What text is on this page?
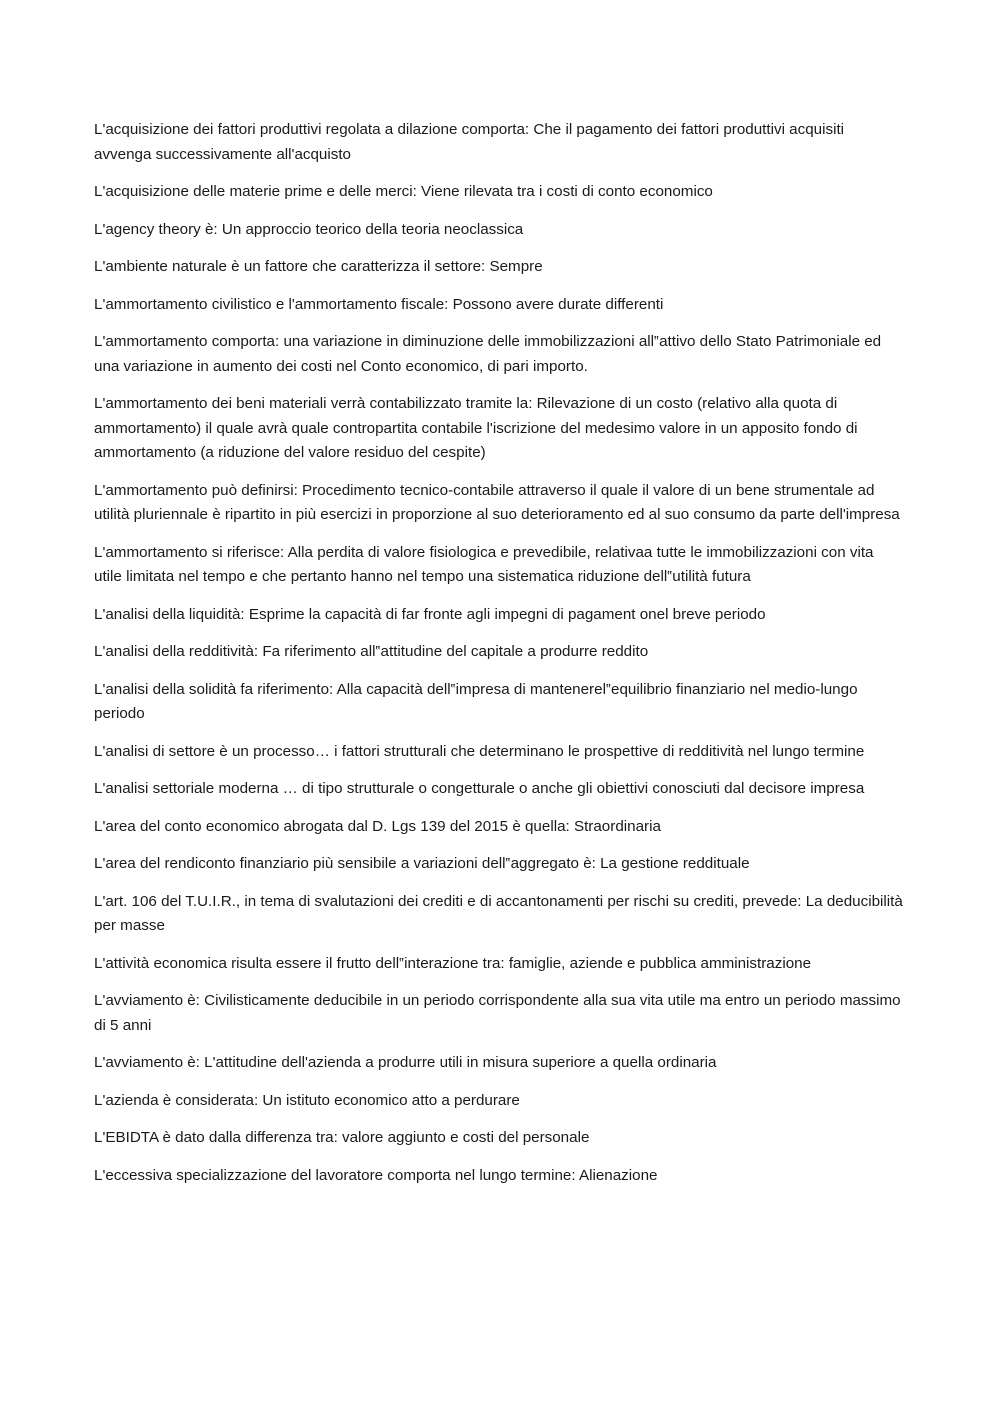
L'acquisizione dei fattori produttivi regolata a dilazione comporta: Che il pagamento dei fattori produttivi acquisiti avvenga successivamente all'acquisto

L'acquisizione delle materie prime e delle merci: Viene rilevata tra i costi di conto economico

L'agency theory è: Un approccio teorico della teoria neoclassica

L'ambiente naturale è un fattore che caratterizza il settore: Sempre

L'ammortamento civilistico e l'ammortamento fiscale: Possono avere durate differenti

L'ammortamento comporta: una variazione in diminuzione delle immobilizzazioni all‟attivo dello Stato Patrimoniale ed una variazione in aumento dei costi nel Conto economico, di pari importo.

L'ammortamento dei beni materiali verrà contabilizzato tramite la: Rilevazione di un costo (relativo alla quota di ammortamento) il quale avrà quale contropartita contabile l'iscrizione del medesimo valore in un apposito fondo di ammortamento (a riduzione del valore residuo del cespite)

L'ammortamento può definirsi: Procedimento tecnico-contabile attraverso il quale il valore di un bene strumentale ad utilità pluriennale è ripartito in più esercizi in proporzione al suo deterioramento ed al suo consumo da parte dell'impresa

L'ammortamento si riferisce: Alla perdita di valore fisiologica e prevedibile, relativaa tutte le immobilizzazioni con vita utile limitata nel tempo e che pertanto hanno nel tempo una sistematica riduzione dell‟utilità futura

L'analisi della liquidità: Esprime la capacità di far fronte agli impegni di pagament onel breve periodo

L'analisi della redditività: Fa riferimento all‟attitudine del capitale a produrre reddito

L'analisi della solidità fa riferimento: Alla capacità dell‟impresa di mantenerel‟equilibrio finanziario nel medio-lungo periodo

L'analisi di settore è un processo… i fattori strutturali che determinano le prospettive di redditività nel lungo termine

L'analisi settoriale moderna … di tipo strutturale o congetturale o anche gli obiettivi conosciuti dal decisore impresa

L'area del conto economico abrogata dal D. Lgs 139 del 2015 è quella: Straordinaria

L'area del rendiconto finanziario più sensibile a variazioni dell‟aggregato è: La gestione reddituale

L'art. 106 del T.U.I.R., in tema di svalutazioni dei crediti e di accantonamenti per rischi su crediti, prevede: La deducibilità per masse

L'attività economica risulta essere il frutto dell‟interazione tra: famiglie, aziende e pubblica amministrazione

L'avviamento è: Civilisticamente deducibile in un periodo corrispondente alla sua vita utile ma entro un periodo massimo di 5 anni

L'avviamento è: L'attitudine dell'azienda a produrre utili in misura superiore a quella ordinaria

L'azienda è considerata: Un istituto economico atto a perdurare

L'EBIDTA è dato dalla differenza tra: valore aggiunto e costi del personale

L'eccessiva specializzazione del lavoratore comporta nel lungo termine: Alienazione
